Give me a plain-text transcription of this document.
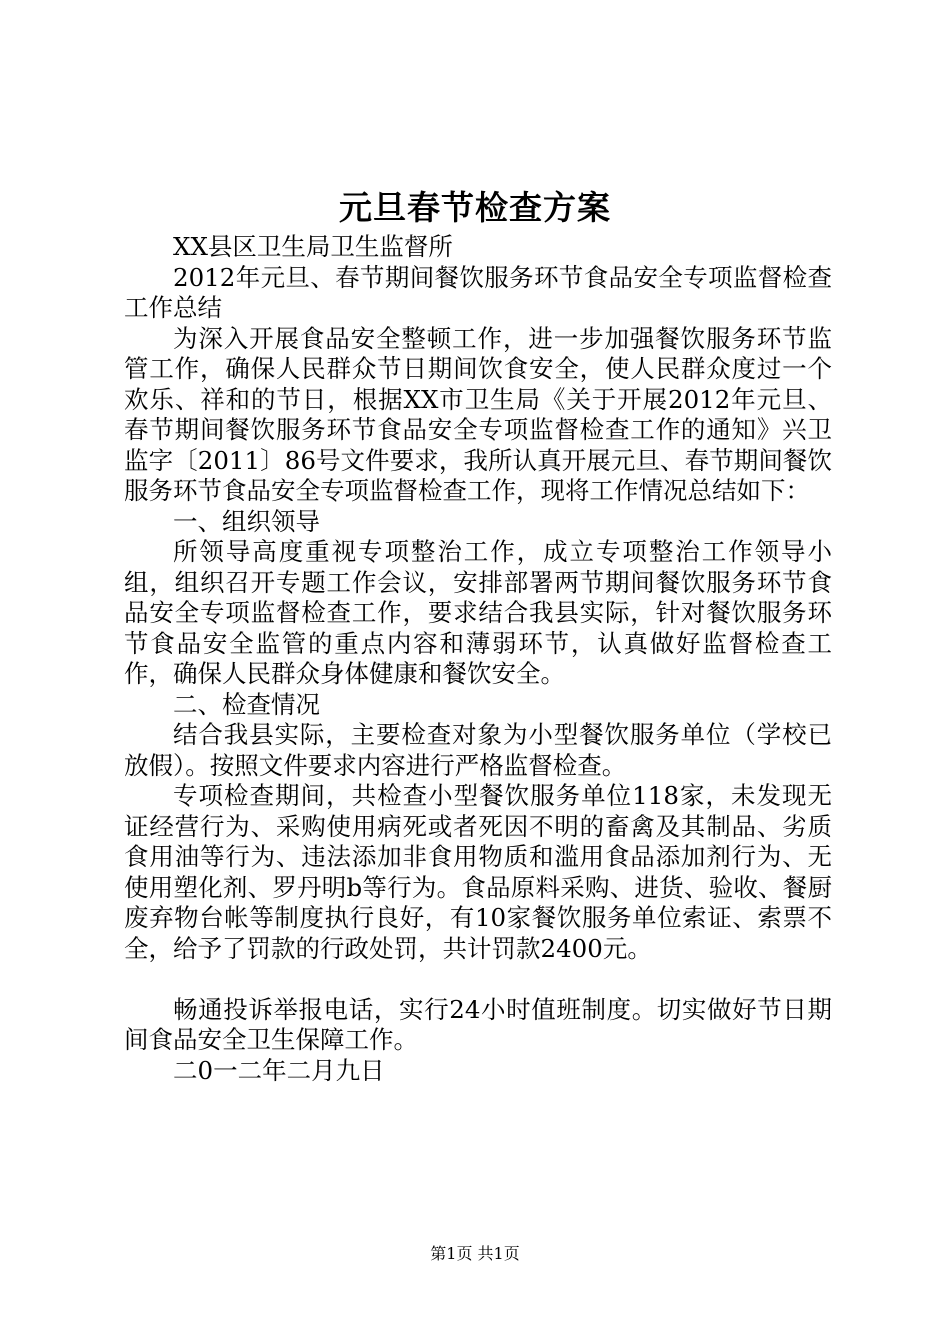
元旦春节检查方案

XX县区卫生局卫生监督所

2012年元旦、春节期间餐饮服务环节食品安全专项监督检查工作总结

为深入开展食品安全整顿工作，进一步加强餐饮服务环节监管工作，确保人民群众节日期间饮食安全，使人民群众度过一个欢乐、祥和的节日，根据XX市卫生局《关于开展2012年元旦、春节期间餐饮服务环节食品安全专项监督检查工作的通知》兴卫监字〔2011〕86号文件要求，我所认真开展元旦、春节期间餐饮服务环节食品安全专项监督检查工作，现将工作情况总结如下：

一、组织领导

所领导高度重视专项整治工作，成立专项整治工作领导小组，组织召开专题工作会议，安排部署两节期间餐饮服务环节食品安全专项监督检查工作，要求结合我县实际，针对餐饮服务环节食品安全监管的重点内容和薄弱环节，认真做好监督检查工作，确保人民群众身体健康和餐饮安全。

二、检查情况

结合我县实际，主要检查对象为小型餐饮服务单位（学校已放假）。按照文件要求内容进行严格监督检查。

专项检查期间，共检查小型餐饮服务单位118家，未发现无证经营行为、采购使用病死或者死因不明的畜禽及其制品、劣质食用油等行为、违法添加非食用物质和滥用食品添加剂行为、无使用塑化剂、罗丹明b等行为。食品原料采购、进货、验收、餐厨废弃物台帐等制度执行良好，有10家餐饮服务单位索证、索票不全，给予了罚款的行政处罚，共计罚款2400元。

畅通投诉举报电话，实行24小时值班制度。切实做好节日期间食品安全卫生保障工作。

二0一二年二月九日

第1页 共1页
